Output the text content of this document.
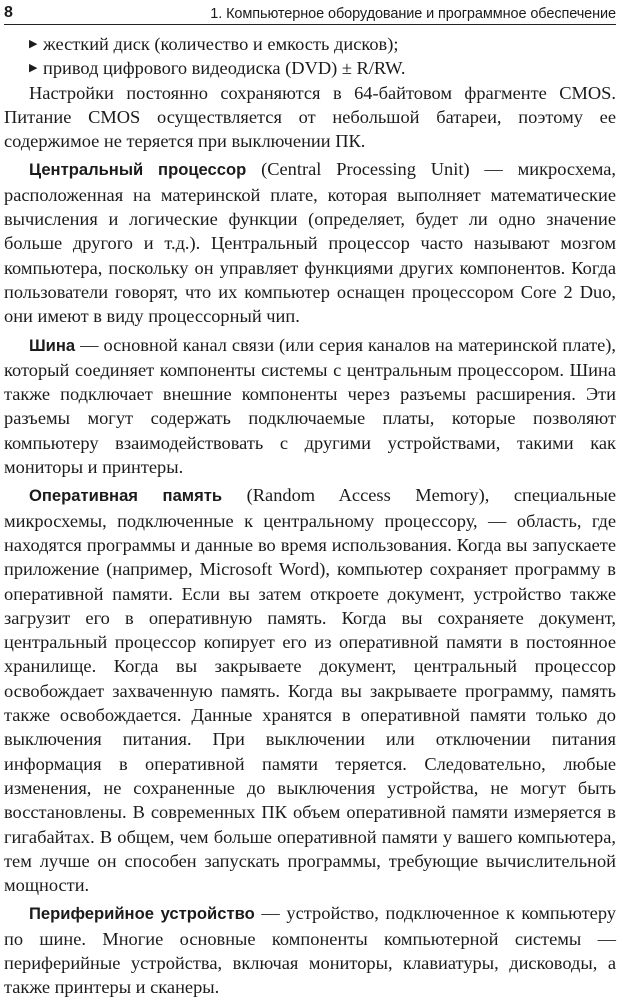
8	1. Компьютерное оборудование и программное обеспечение
▶ жесткий диск (количество и емкость дисков);
▶ привод цифрового видеодиска (DVD) ± R/RW.

Настройки постоянно сохраняются в 64-байтовом фрагменте CMOS. Питание CMOS осуществляется от небольшой батареи, поэтому ее содержимое не теряется при выключении ПК.

Центральный процессор (Central Processing Unit) — микросхема, расположенная на материнской плате, которая выполняет математические вычисления и логические функции (определяет, будет ли одно значение больше другого и т.д.). Центральный процессор часто называют мозгом компьютера, поскольку он управляет функциями других компонентов. Когда пользователи говорят, что их компьютер оснащен процессором Core 2 Duo, они имеют в виду процессорный чип.

Шина — основной канал связи (или серия каналов на материнской плате), который соединяет компоненты системы с центральным процессором. Шина также подключает внешние компоненты через разъемы расширения. Эти разъемы могут содержать подключаемые платы, которые позволяют компьютеру взаимодействовать с другими устройствами, такими как мониторы и принтеры.

Оперативная память (Random Access Memory), специальные микросхемы, подключенные к центральному процессору, — область, где находятся программы и данные во время использования. Когда вы запускаете приложение (например, Microsoft Word), компьютер сохраняет программу в оперативной памяти. Если вы затем откроете документ, устройство также загрузит его в оперативную память. Когда вы сохраняете документ, центральный процессор копирует его из оперативной памяти в постоянное хранилище. Когда вы закрываете документ, центральный процессор освобождает захваченную память. Когда вы закрываете программу, память также освобождается. Данные хранятся в оперативной памяти только до выключения питания. При выключении или отключении питания информация в оперативной памяти теряется. Следовательно, любые изменения, не сохраненные до выключения устройства, не могут быть восстановлены. В современных ПК объем оперативной памяти измеряется в гигабайтах. В общем, чем больше оперативной памяти у вашего компьютера, тем лучше он способен запускать программы, требующие вычислительной мощности.

Периферийное устройство — устройство, подключенное к компьютеру по шине. Многие основные компоненты компьютерной системы — периферийные устройства, включая мониторы, клавиатуры, дисководы, а также принтеры и сканеры.
